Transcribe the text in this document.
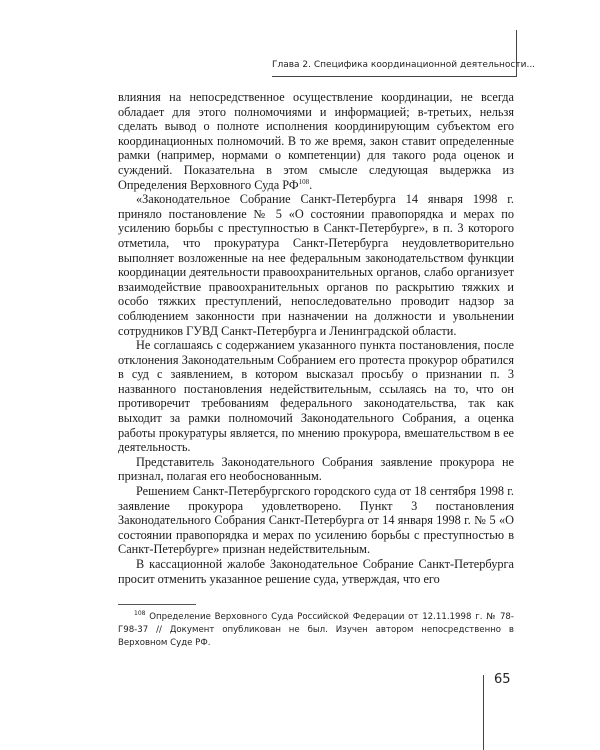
Глава 2. Специфика координационной деятельности...

влияния на непосредственное осуществление координации, не всегда обладает для этого полномочиями и информацией; в-третьих, нельзя сделать вывод о полноте исполнения координирующим субъектом его координационных полномочий. В то же время, закон ставит определенные рамки (например, нормами о компетенции) для такого рода оценок и суждений. Показательна в этом смысле следующая выдержка из Определения Верховного Суда РФ$^{108}$.

«Законодательное Собрание Санкт-Петербурга 14 января 1998 г. приняло постановление № 5 «О состоянии правопорядка и мерах по усилению борьбы с преступностью в Санкт-Петербурге», в п. 3 которого отметила, что прокуратура Санкт-Петербурга неудовлетворительно выполняет возложенные на нее федеральным законодательством функции координации деятельности правоохранительных органов, слабо организует взаимодействие правоохранительных органов по раскрытию тяжких и особо тяжких преступлений, непоследовательно проводит надзор за соблюдением законности при назначении на должности и увольнении сотрудников ГУВД Санкт-Петербурга и Ленинградской области.

Не соглашаясь с содержанием указанного пункта постановления, после отклонения Законодательным Собранием его протеста прокурор обратился в суд с заявлением, в котором высказал просьбу о признании п. 3 названного постановления недействительным, ссылаясь на то, что он противоречит требованиям федерального законодательства, так как выходит за рамки полномочий Законодательного Собрания, а оценка работы прокуратуры является, по мнению прокурора, вмешательством в ее деятельность.

Представитель Законодательного Собрания заявление прокурора не признал, полагая его необоснованным.

Решением Санкт-Петербургского городского суда от 18 сентября 1998 г. заявление прокурора удовлетворено. Пункт 3 постановления Законодательного Собрания Санкт-Петербурга от 14 января 1998 г. № 5 «О состоянии правопорядка и мерах по усилению борьбы с преступностью в Санкт-Петербурге» признан недействительным.

В кассационной жалобе Законодательное Собрание Санкт-Петербурга просит отменить указанное решение суда, утверждая, что его

$^{108}$ Определение Верховного Суда Российской Федерации от 12.11.1998 г. № 78-Г98-37 // Документ опубликован не был. Изучен автором непосредственно в Верховном Суде РФ.
65
